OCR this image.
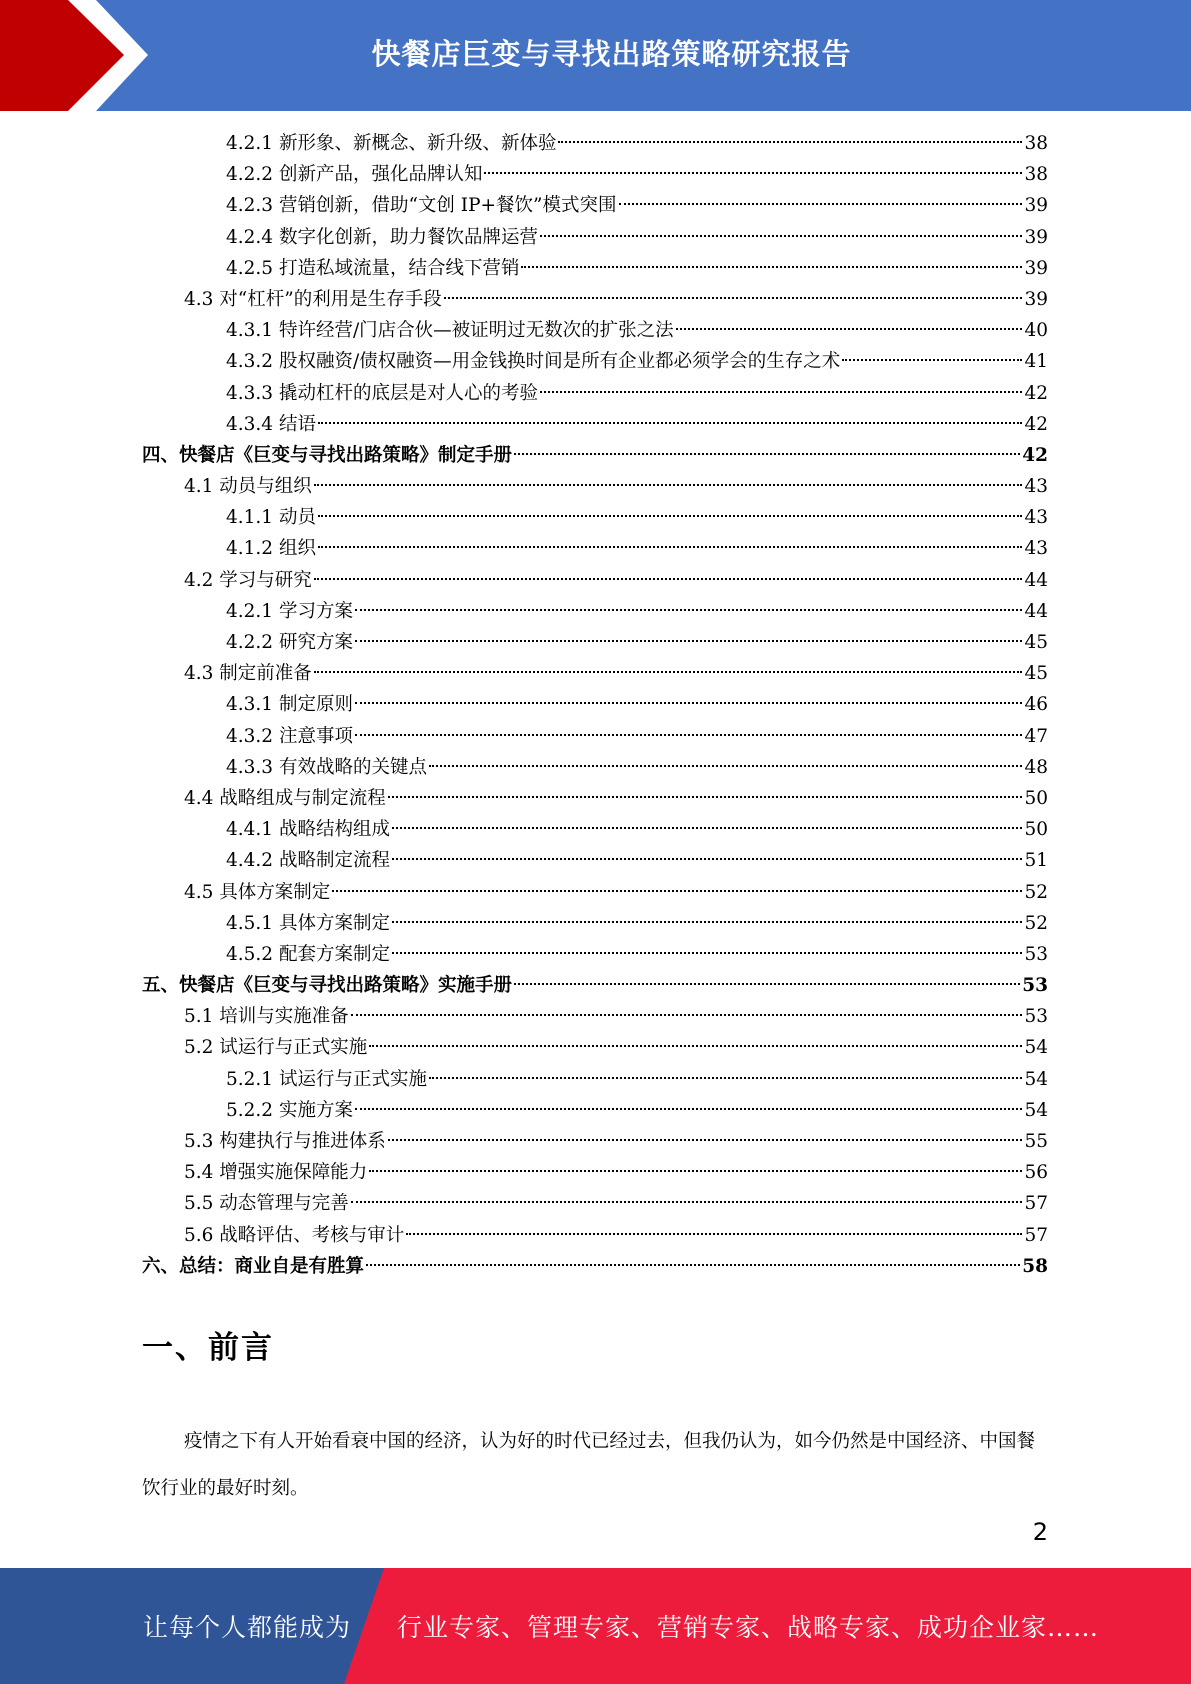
快餐店巨变与寻找出路策略研究报告
4.2.1 新形象、新概念、新升级、新体验	38
4.2.2 创新产品，强化品牌认知	38
4.2.3 营销创新，借助“文创 IP+餐饮”模式突围	39
4.2.4 数字化创新，助力餐饮品牌运营	39
4.2.5 打造私域流量，结合线下营销	39
4.3 对“杠杆”的利用是生存手段	39
4.3.1 特许经营/门店合伙—被证明过无数次的扩张之法	40
4.3.2 股权融资/债权融资—用金钱换时间是所有企业都必须学会的生存之术	41
4.3.3 撬动杠杆的底层是对人心的考验	42
4.3.4 结语	42
四、快餐店《巨变与寻找出路策略》制定手册	42
4.1 动员与组织	43
4.1.1 动员	43
4.1.2 组织	43
4.2 学习与研究	44
4.2.1 学习方案	44
4.2.2 研究方案	45
4.3 制定前准备	45
4.3.1 制定原则	46
4.3.2 注意事项	47
4.3.3 有效战略的关键点	48
4.4 战略组成与制定流程	50
4.4.1 战略结构组成	50
4.4.2 战略制定流程	51
4.5 具体方案制定	52
4.5.1 具体方案制定	52
4.5.2 配套方案制定	53
五、快餐店《巨变与寻找出路策略》实施手册	53
5.1 培训与实施准备	53
5.2 试运行与正式实施	54
5.2.1 试运行与正式实施	54
5.2.2 实施方案	54
5.3 构建执行与推进体系	55
5.4 增强实施保障能力	56
5.5 动态管理与完善	57
5.6 战略评估、考核与审计	57
六、总结：商业自是有胜算	58
一、前言
疫情之下有人开始看衰中国的经济，认为好的时代已经过去，但我仍认为，如今仍然是中国经济、中国餐饮行业的最好时刻。
2
让每个人都能成为 行业专家、管理专家、营销专家、战略专家、成功企业家……
